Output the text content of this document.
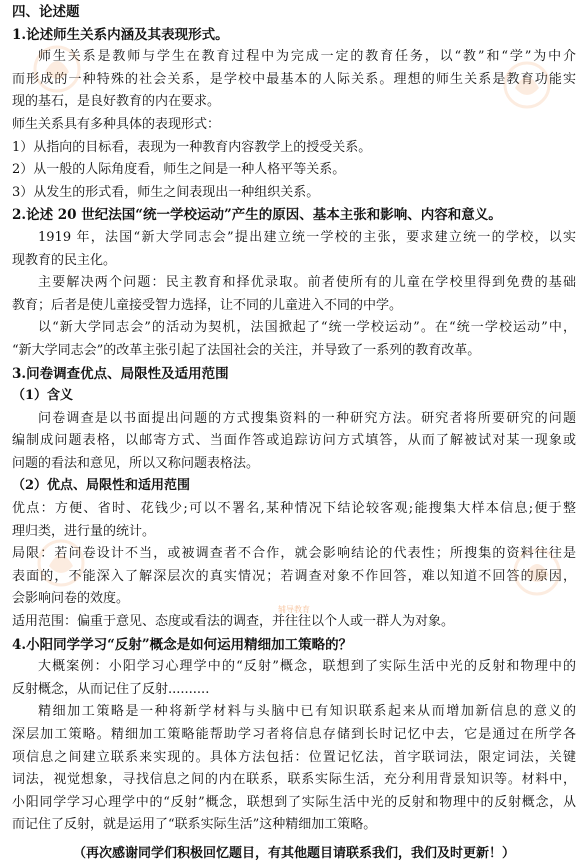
四、论述题
1.论述师生关系内涵及其表现形式。
师生关系是教师与学生在教育过程中为完成一定的教育任务，以“教”和“学”为中介
而形成的一种特殊的社会关系，是学校中最基本的人际关系。理想的师生关系是教育功能实
现的基石，是良好教育的内在要求。
师生关系具有多种具体的表现形式：
1）从指向的目标看，表现为一种教育内容教学上的授受关系。
2）从一般的人际角度看，师生之间是一种人格平等关系。
3）从发生的形式看，师生之间表现出一种组织关系。
2.论述 20 世纪法国“统一学校运动”产生的原因、基本主张和影响、内容和意义。
1919 年，法国“新大学同志会”提出建立统一学校的主张，要求建立统一的学校，以实
现教育的民主化。
主要解决两个问题：民主教育和择优录取。前者使所有的儿童在学校里得到免费的基础
教育；后者是使儿童接受智力选择，让不同的儿童进入不同的中学。
以“新大学同志会”的活动为契机，法国掀起了“统一学校运动”。在“统一学校运动”中，
“新大学同志会”的改革主张引起了法国社会的关注，并导致了一系列的教育改革。
3.问卷调查优点、局限性及适用范围
（1）含义
问卷调查是以书面提出问题的方式搜集资料的一种研究方法。研究者将所要研究的问题
编制成问题表格，以邮寄方式、当面作答或追踪访问方式填答，从而了解被试对某一现象或
问题的看法和意见，所以又称问题表格法。
（2）优点、局限性和适用范围
优点：方便、省时、花钱少;可以不署名,某种情况下结论较客观;能搜集大样本信息;便于整
理归类，进行量的统计。
局限：若问卷设计不当，或被调查者不合作，就会影响结论的代表性；所搜集的资料往往是
表面的，不能深入了解深层次的真实情况；若调查对象不作回答，难以知道不回答的原因，
会影响问卷的效度。
适用范围：偏重于意见、态度或看法的调查，并往往以个人或一群人为对象。
4.小阳同学学习“反射”概念是如何运用精细加工策略的？
大概案例：小阳学习心理学中的“反射”概念，联想到了实际生活中光的反射和物理中的
反射概念，从而记住了反射..........
精细加工策略是一种将新学材料与头脑中已有知识联系起来从而增加新信息的意义的
深层加工策略。精细加工策略能帮助学习者将信息存储到长时记忆中去，它是通过在所学各
项信息之间建立联系来实现的。具体方法包括：位置记忆法，首字联词法，限定词法，关键
词法，视觉想象，寻找信息之间的内在联系，联系实际生活，充分利用背景知识等。材料中，
小阳同学学习心理学中的“反射”概念，联想到了实际生活中光的反射和物理中的反射概念，从
而记住了反射，就是运用了“联系实际生活”这种精细加工策略。
（再次感谢同学们积极回忆题目，有其他题目请联系我们，我们及时更新！）
辅导教育
